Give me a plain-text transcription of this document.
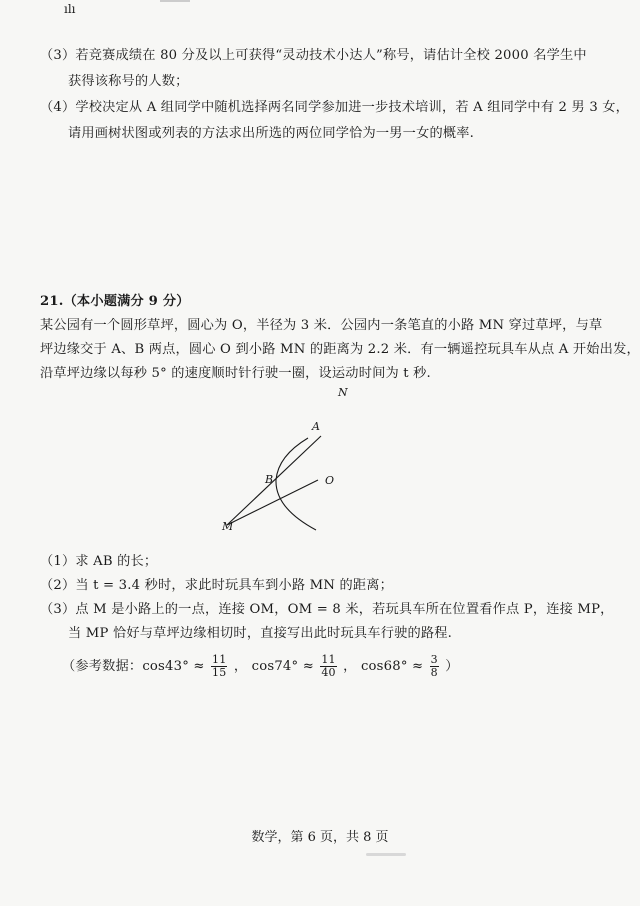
ılı
（3）若竞赛成绩在 80 分及以上可获得“灵动技术小达人”称号，请估计全校 2000 名学生中
获得该称号的人数；
（4）学校决定从 A 组同学中随机选择两名同学参加进一步技术培训，若 A 组同学中有 2 男 3 女，
请用画树状图或列表的方法求出所选的两位同学恰为一男一女的概率.
21.（本小题满分 9 分）
某公园有一个圆形草坪，圆心为 O，半径为 3 米．公园内一条笔直的小路 MN 穿过草坪，与草
坪边缘交于 A、B 两点，圆心 O 到小路 MN 的距离为 2.2 米．有一辆遥控玩具车从点 A 开始出发，
沿草坪边缘以每秒 5° 的速度顺时针行驶一圈，设运动时间为 t 秒.
N
A
B	O
M
（1）求 AB 的长；
（2）当 t = 3.4 秒时，求此时玩具车到小路 MN 的距离；
（3）点 M 是小路上的一点，连接 OM，OM = 8 米，若玩具车所在位置看作点 P，连接 MP，
当 MP 恰好与草坪边缘相切时，直接写出此时玩具车行驶的路程.
（参考数据：$\cos 43^\circ \approx \frac{11}{15}$ ， $\cos 74^\circ \approx \frac{11}{40}$ ， $\cos 68^\circ \approx \frac{3}{8}$ ）
数学，第 6 页，共 8 页
